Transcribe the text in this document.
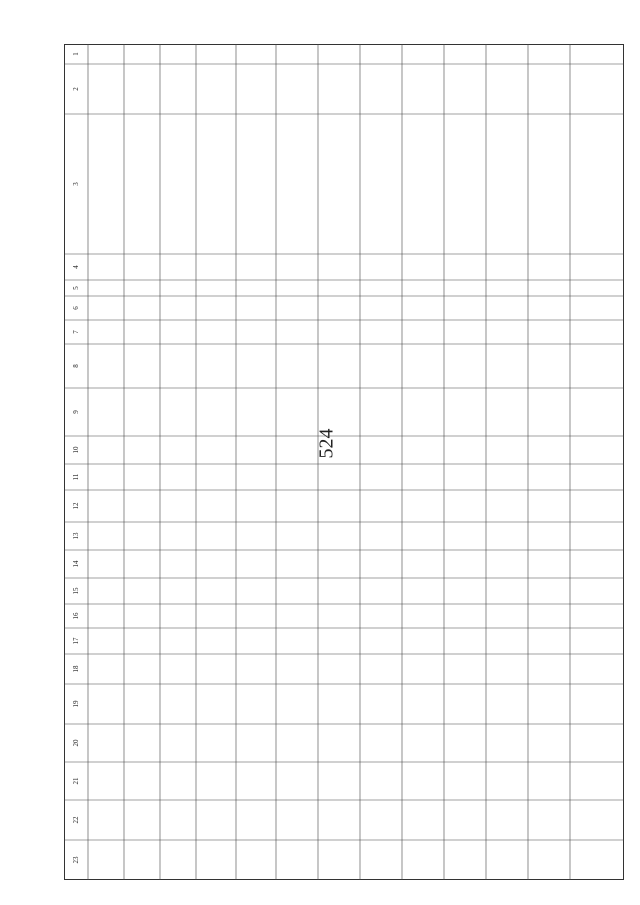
524
1
2
3
4
5
6
7
8
9
10
11
12
13
14
15
16
17
18
19
20
21
22
23
